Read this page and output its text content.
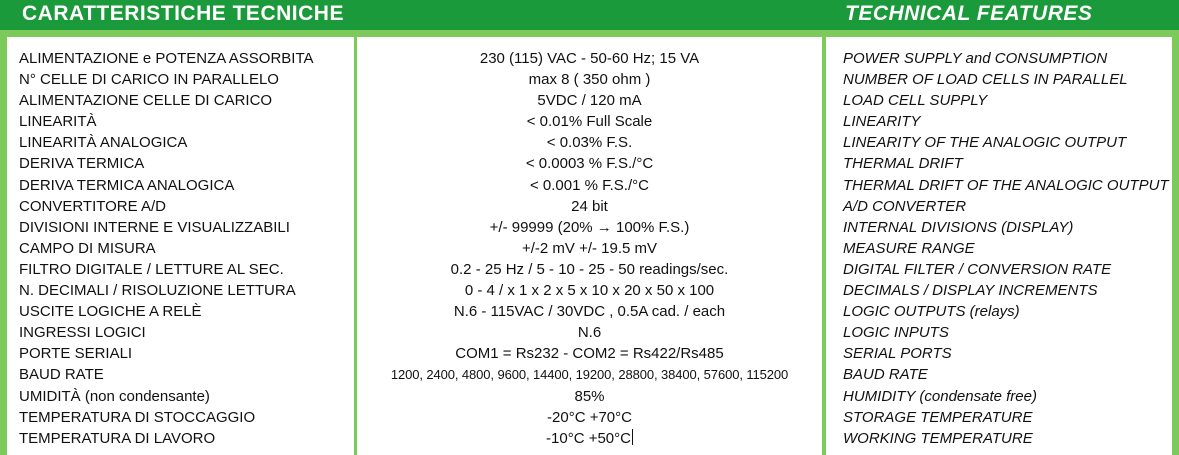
CARATTERISTICHE TECNICHE	TECHNICAL FEATURES
ALIMENTAZIONE e POTENZA ASSORBITA
N° CELLE DI CARICO IN PARALLELO
ALIMENTAZIONE CELLE DI CARICO
LINEARITÀ
LINEARITÀ ANALOGICA
DERIVA TERMICA
DERIVA TERMICA ANALOGICA
CONVERTITORE A/D
DIVISIONI INTERNE E VISUALIZZABILI
CAMPO DI MISURA
FILTRO DIGITALE / LETTURE AL SEC.
N. DECIMALI / RISOLUZIONE LETTURA
USCITE LOGICHE A RELÈ
INGRESSI LOGICI
PORTE SERIALI
BAUD RATE
UMIDITÀ (non condensante)
TEMPERATURA DI STOCCAGGIO
TEMPERATURA DI LAVORO
230 (115) VAC - 50-60 Hz; 15 VA
max 8 ( 350 ohm )
5VDC / 120 mA
< 0.01% Full Scale
< 0.03% F.S.
< 0.0003 % F.S./°C
< 0.001 % F.S./°C
24 bit
+/- 99999 (20% → 100% F.S.)
+/-2 mV +/- 19.5 mV
0.2 - 25 Hz / 5 - 10 - 25 - 50 readings/sec.
0 - 4 / x 1 x 2 x 5 x 10 x 20 x 50 x 100
N.6 - 115VAC / 30VDC , 0.5A cad. / each
N.6
COM1 = Rs232 - COM2 = Rs422/Rs485
1200, 2400, 4800, 9600, 14400, 19200, 28800, 38400, 57600, 115200
85%
-20°C +70°C
-10°C +50°C
POWER SUPPLY and CONSUMPTION
NUMBER OF LOAD CELLS IN PARALLEL
LOAD CELL SUPPLY
LINEARITY
LINEARITY OF THE ANALOGIC OUTPUT
THERMAL DRIFT
THERMAL DRIFT OF THE ANALOGIC OUTPUT
A/D CONVERTER
INTERNAL DIVISIONS (DISPLAY)
MEASURE RANGE
DIGITAL FILTER / CONVERSION RATE
DECIMALS / DISPLAY INCREMENTS
LOGIC OUTPUTS (relays)
LOGIC INPUTS
SERIAL PORTS
BAUD RATE
HUMIDITY (condensate free)
STORAGE TEMPERATURE
WORKING TEMPERATURE
